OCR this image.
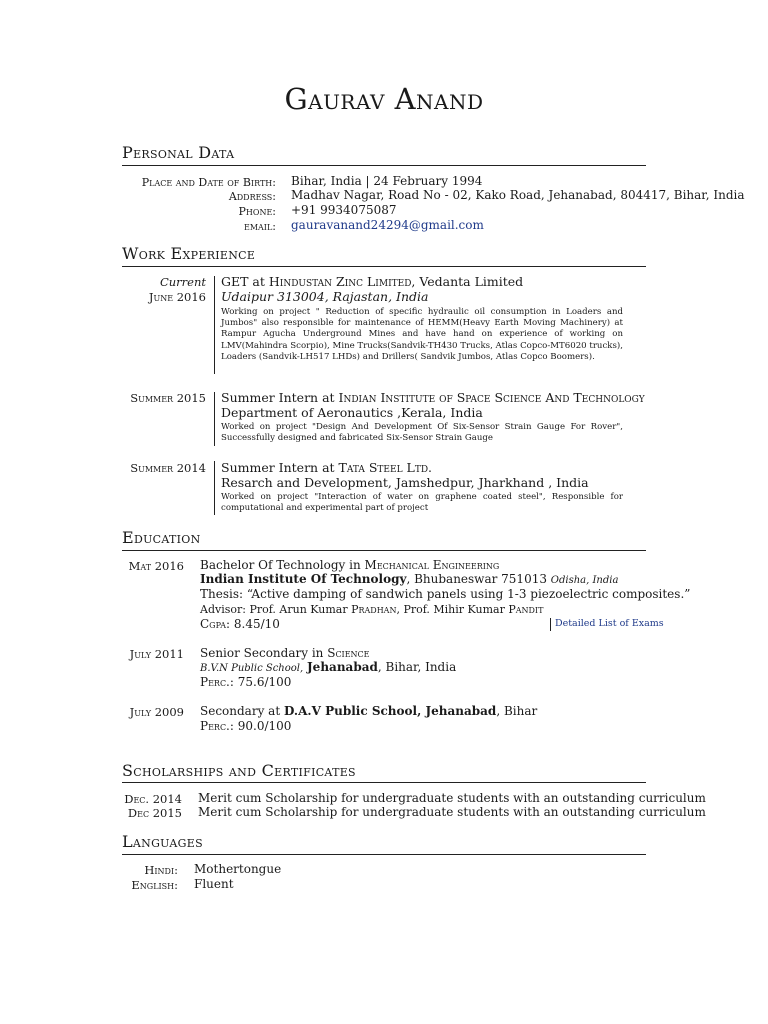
Gaurav Anand
Personal Data
Place and Date of Birth: Bihar, India | 24 February 1994
Address: Madhav Nagar, Road No - 02, Kako Road, Jehanabad, 804417, Bihar, India
Phone: +91 9934075087
email: gauravanand24294@gmail.com
Work Experience
Current
June 2016
GET at Hindustan Zinc Limited, Vedanta Limited
Udaipur 313004, Rajastan, India
Working on project " Reduction of specific hydraulic oil consumption in Loaders and Jumbos" also responsible for maintenance of HEMM(Heavy Earth Moving Machinery) at Rampur Agucha Underground Mines and have hand on experience of working on LMV(Mahindra Scorpio), Mine Trucks(Sandvik-TH430 Trucks, Atlas Copco-MT6020 trucks), Loaders (Sandvik-LH517 LHDs) and Drillers( Sandvik Jumbos, Atlas Copco Boomers).
Summer 2015 Summer Intern at Indian Institute of Space Science And Technology
Department of Aeronautics ,Kerala, India
Worked on project "Design And Development Of Six-Sensor Strain Gauge For Rover", Successfully designed and fabricated Six-Sensor Strain Gauge
Summer 2014 Summer Intern at Tata Steel Ltd.
Resarch and Development, Jamshedpur, Jharkhand , India
Worked on project "Interaction of water on graphene coated steel", Responsible for computational and experimental part of project
Education
Mat 2016 Bachelor Of Technology in Mechanical Engineering
Indian Institute Of Technology, Bhubaneswar 751013 Odisha, India
Thesis: “Active damping of sandwich panels using 1-3 piezoelectric composites.”
Advisor: Prof. Arun Kumar Pradhan, Prof. Mihir Kumar Pandit
Cgpa: 8.45/10	Detailed List of Exams
July 2011 Senior Secondary in Science
B.V.N Public School, Jehanabad, Bihar, India
Perc.: 75.6/100
July 2009 Secondary at D.A.V Public School, Jehanabad, Bihar
Perc.: 90.0/100
Scholarships and Certificates
Dec. 2014 Merit cum Scholarship for undergraduate students with an outstanding curriculum
Dec 2015 Merit cum Scholarship for undergraduate students with an outstanding curriculum
Languages
Hindi: Mothertongue
English: Fluent
